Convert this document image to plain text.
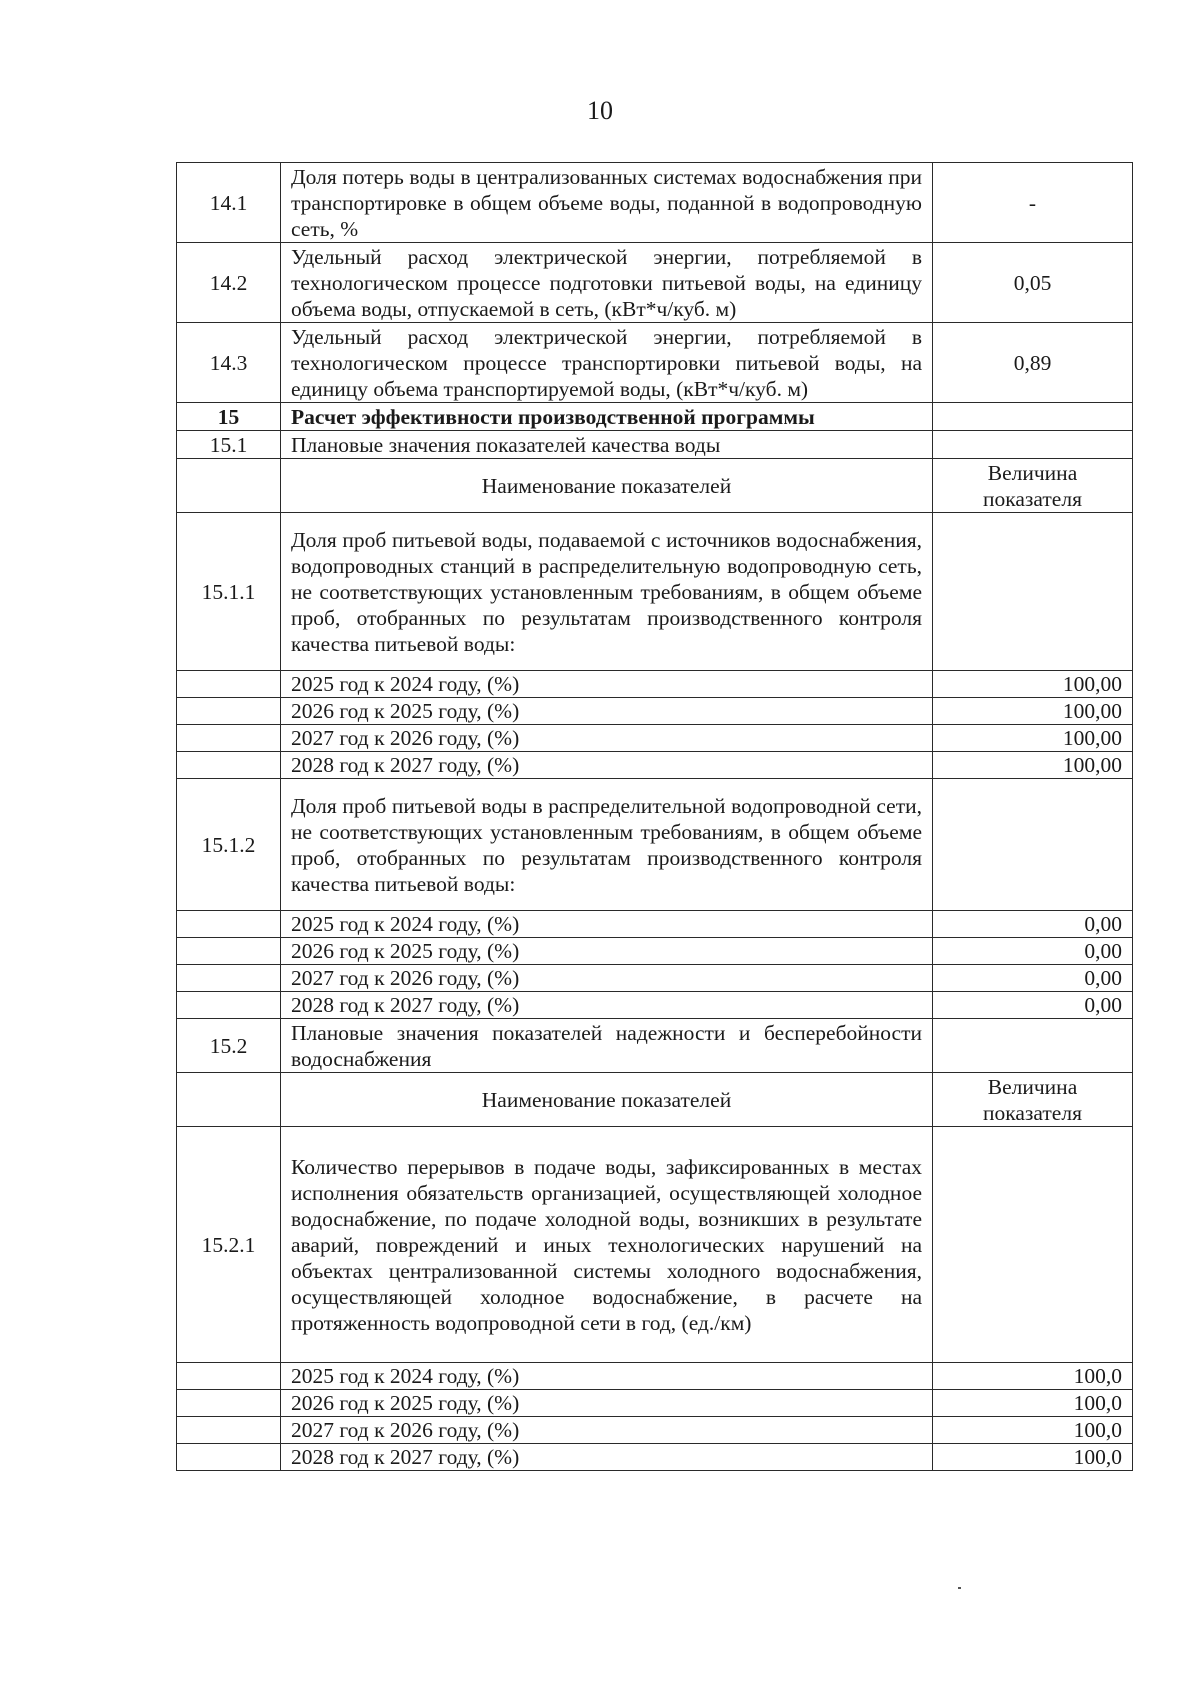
10
14.1	Доля потерь воды в централизованных системах водоснабжения при транспортировке в общем объеме воды, поданной в водопроводную сеть, %	-
14.2	Удельный расход электрической энергии, потребляемой в технологическом процессе подготовки питьевой воды, на единицу объема воды, отпускаемой в сеть, (кВт*ч/куб. м)	0,05
14.3	Удельный расход электрической энергии, потребляемой в технологическом процессе транспортировки питьевой воды, на единицу объема транспортируемой воды, (кВт*ч/куб. м)	0,89
15	Расчет эффективности производственной программы	
15.1	Плановые значения показателей качества воды	
	Наименование показателей	Величина
показателя

15.1.1	Доля проб питьевой воды, подаваемой с источников водоснабжения, водопроводных станций в распределительную водопроводную сеть, не соответствующих установленным требованиям, в общем объеме проб, отобранных по результатам производственного контроля качества питьевой воды:	
	2025 год к 2024 году, (%)	100,00
	2026 год к 2025 году, (%)	100,00
	2027 год к 2026 году, (%)	100,00
	2028 год к 2027 году, (%)	100,00
15.1.2	Доля проб питьевой воды в распределительной водопроводной сети, не соответствующих установленным требованиям, в общем объеме проб, отобранных по результатам производственного контроля качества питьевой воды:	
	2025 год к 2024 году, (%)	0,00
	2026 год к 2025 году, (%)	0,00
	2027 год к 2026 году, (%)	0,00
	2028 год к 2027 году, (%)	0,00
15.2	Плановые значения показателей надежности и бесперебойности водоснабжения	
	Наименование показателей	Величина
показателя

15.2.1	Количество перерывов в подаче воды, зафиксированных в местах исполнения обязательств организацией, осуществляющей холодное водоснабжение, по подаче холодной воды, возникших в результате аварий, повреждений и иных технологических нарушений на объектах централизованной системы холодного водоснабжения, осуществляющей холодное водоснабжение, в расчете на протяженность водопроводной сети в год, (ед./км)	
	2025 год к 2024 году, (%)	100,0
	2026 год к 2025 году, (%)	100,0
	2027 год к 2026 году, (%)	100,0
	2028 год к 2027 году, (%)	100,0
